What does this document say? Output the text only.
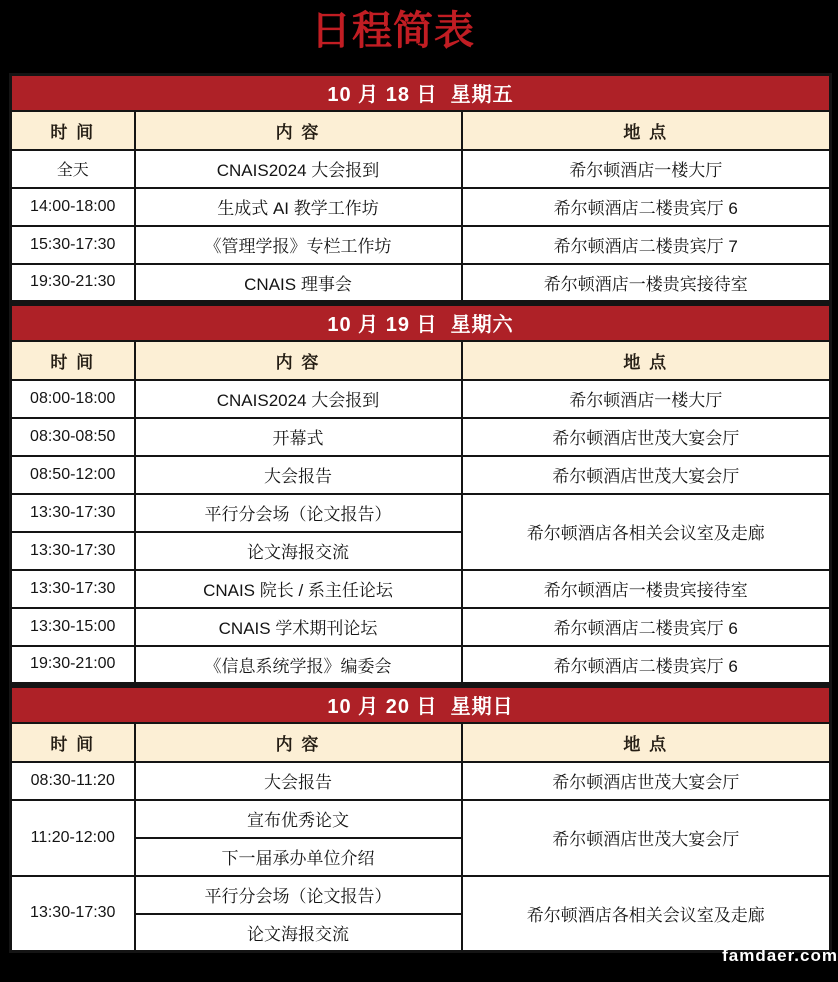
日程简表
10 月 18 日  星期五		
时 间	内 容	地 点
全天	CNAIS2024 大会报到	希尔顿酒店一楼大厅
14:00-18:00	生成式 AI 教学工作坊	希尔顿酒店二楼贵宾厅 6
15:30-17:30	《管理学报》专栏工作坊	希尔顿酒店二楼贵宾厅 7
19:30-21:30	CNAIS 理事会	希尔顿酒店一楼贵宾接待室
10 月 19 日  星期六		
时 间	内 容	地 点
08:00-18:00	CNAIS2024 大会报到	希尔顿酒店一楼大厅
08:30-08:50	开幕式	希尔顿酒店世茂大宴会厅
08:50-12:00	大会报告	希尔顿酒店世茂大宴会厅
13:30-17:30	平行分会场（论文报告）	希尔顿酒店各相关会议室及走廊
13:30-17:30	论文海报交流	
13:30-17:30	CNAIS 院长 / 系主任论坛	希尔顿酒店一楼贵宾接待室
13:30-15:00	CNAIS 学术期刊论坛	希尔顿酒店二楼贵宾厅 6
19:30-21:00	《信息系统学报》编委会	希尔顿酒店二楼贵宾厅 6
10 月 20 日  星期日		
时 间	内 容	地 点
08:30-11:20	大会报告	希尔顿酒店世茂大宴会厅
11:20-12:00	宣布优秀论文	希尔顿酒店世茂大宴会厅
	下一届承办单位介绍	
13:30-17:30	平行分会场（论文报告）	希尔顿酒店各相关会议室及走廊
	论文海报交流	
famdaer.com
